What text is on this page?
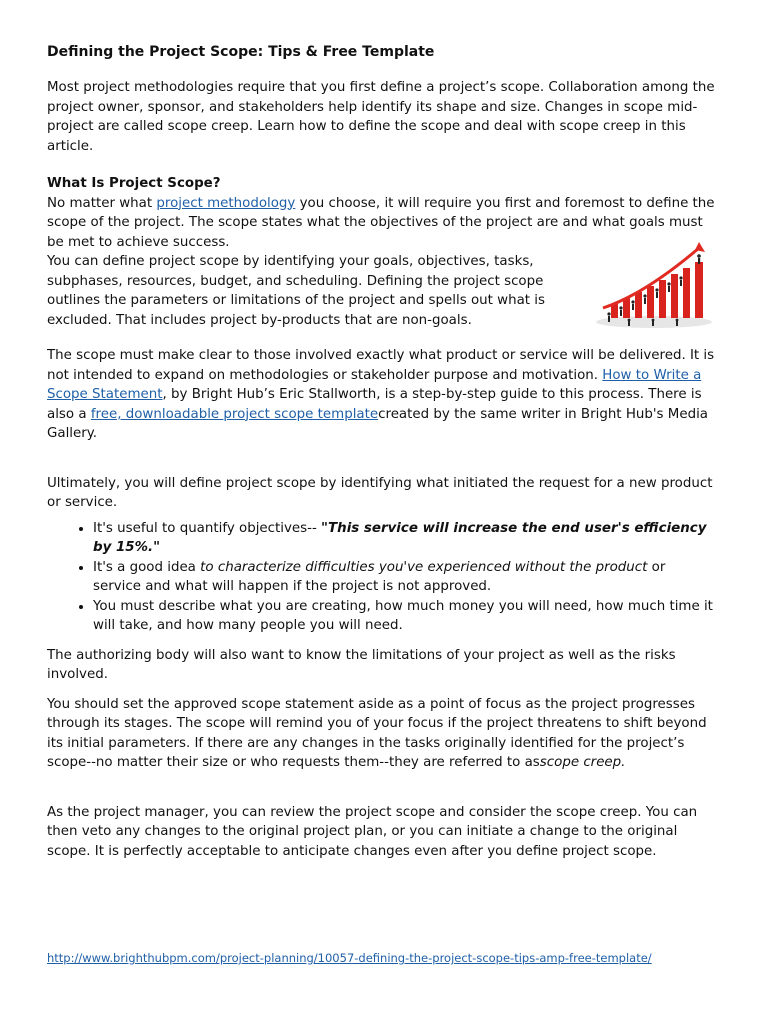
Defining the Project Scope: Tips & Free Template

Most project methodologies require that you first define a project’s scope. Collaboration among the project owner, sponsor, and stakeholders help identify its shape and size. Changes in scope mid-project are called scope creep. Learn how to define the scope and deal with scope creep in this article.

What Is Project Scope?

No matter what project methodology you choose, it will require you first and foremost to define the scope of the project. The scope states what the objectives of the project are and what goals must be met to achieve success.

You can define project scope by identifying your goals, objectives, tasks, subphases, resources, budget, and scheduling. Defining the project scope outlines the parameters or limitations of the project and spells out what is excluded. That includes project by-products that are non-goals.

The scope must make clear to those involved exactly what product or service will be delivered. It is not intended to expand on methodologies or stakeholder purpose and motivation. How to Write a Scope Statement, by Bright Hub’s Eric Stallworth, is a step-by-step guide to this process. There is also a free, downloadable project scope templatecreated by the same writer in Bright Hub's Media Gallery.

Ultimately, you will define project scope by identifying what initiated the request for a new product or service.

• It's useful to quantify objectives-- "This service will increase the end user's efficiency by 15%."
• It's a good idea to characterize difficulties you've experienced without the product or service and what will happen if the project is not approved.
• You must describe what you are creating, how much money you will need, how much time it will take, and how many people you will need.

The authorizing body will also want to know the limitations of your project as well as the risks involved.

You should set the approved scope statement aside as a point of focus as the project progresses through its stages. The scope will remind you of your focus if the project threatens to shift beyond its initial parameters. If there are any changes in the tasks originally identified for the project’s scope--no matter their size or who requests them--they are referred to asscope creep.

As the project manager, you can review the project scope and consider the scope creep. You can then veto any changes to the original project plan, or you can initiate a change to the original scope. It is perfectly acceptable to anticipate changes even after you define project scope.

http://www.brighthubpm.com/project-planning/10057-defining-the-project-scope-tips-amp-free-template/
